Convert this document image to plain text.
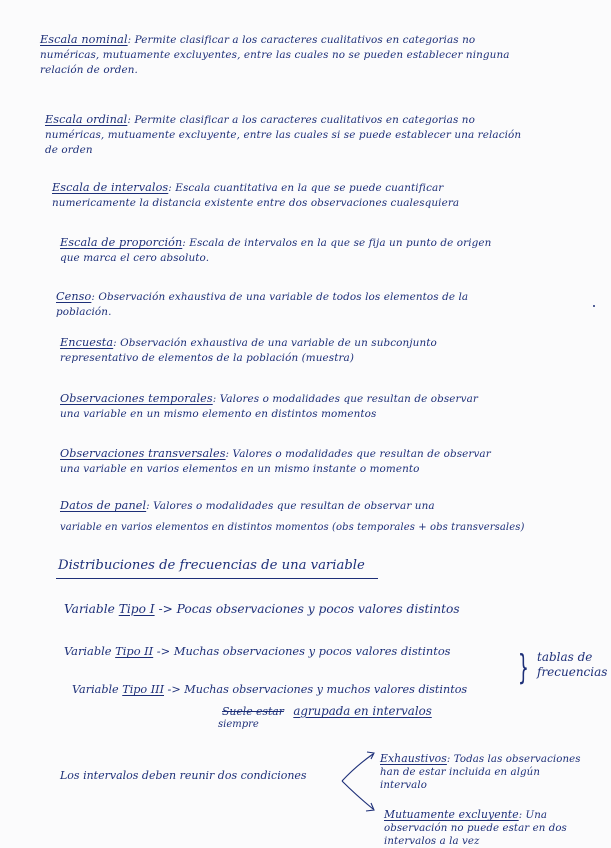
Escala nominal: Permite clasificar a los caracteres cualitativos en categorias no
numéricas, mutuamente excluyentes, entre las cuales no se pueden establecer ninguna
relación de orden.
Escala ordinal: Permite clasificar a los caracteres cualitativos en categorias no
numéricas, mutuamente excluyente, entre las cuales si se puede establecer una relación
de orden
Escala de intervalos: Escala cuantitativa en la que se puede cuantificar
numericamente la distancia existente entre dos observaciones cualesquiera
Escala de proporción: Escala de intervalos en la que se fija un punto de origen
que marca el cero absoluto.
Censo: Observación exhaustiva de una variable de todos los elementos de la
población.
Encuesta: Observación exhaustiva de una variable de un subconjunto
representativo de elementos de la población (muestra)
Observaciones temporales: Valores o modalidades que resultan de observar
una variable en un mismo elemento en distintos momentos
Observaciones transversales: Valores o modalidades que resultan de observar
una variable en varios elementos en un mismo instante o momento
Datos de panel: Valores o modalidades que resultan de observar una
variable en varios elementos en distintos momentos (obs temporales + obs transversales)
Distribuciones de frecuencias de una variable
Variable Tipo I -> Pocas observaciones y pocos valores distintos
Variable Tipo II -> Muchas observaciones y pocos valores distintos
Variable Tipo III -> Muchas observaciones y muchos valores distintos
} tablas de
frecuencias
Suele estar agrupada en intervalos
siempre
Los intervalos deben reunir dos condiciones
Exhaustivos: Todas las observaciones
han de estar incluida en algún
intervalo
Mutuamente excluyente: Una
observación no puede estar en dos
intervalos a la vez
